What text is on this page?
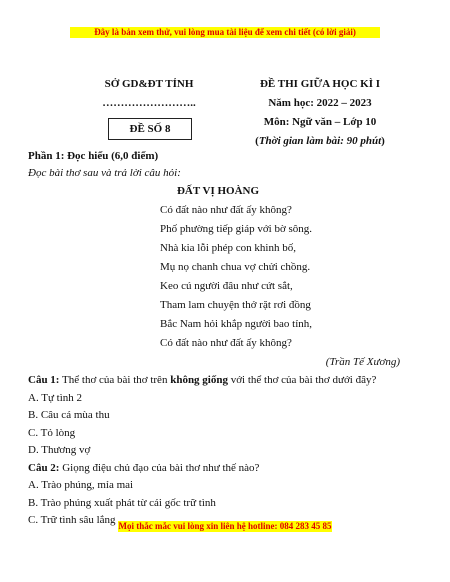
Đây là bản xem thử, vui lòng mua tài liệu để xem chi tiết (có lời giải)
SỞ GD&ĐT TỈNH
……………………..
ĐỀ SỐ 8
ĐỀ THI GIỮA HỌC KÌ I
Năm học: 2022 – 2023
Môn: Ngữ văn – Lớp 10
(Thời gian làm bài: 90 phút)
Phần 1: Đọc hiểu (6,0 điểm)
Đọc bài thơ sau và trả lời câu hỏi:
ĐẤT VỊ HOÀNG
Có đất nào như đất ấy không?
Phố phường tiếp giáp với bờ sông.
Nhà kia lỗi phép con khinh bố,
Mụ nọ chanh chua vợ chửi chồng.
Keo cú người đâu như cứt sắt,
Tham lam chuyện thở rặt rơi đồng
Bắc Nam hỏi khắp người bao tỉnh,
Có đất nào như đất ấy không?
(Trần Tế Xương)
Câu 1: Thể thơ của bài thơ trên không giống với thể thơ của bài thơ dưới đây?
A. Tự tình 2
B. Câu cá mùa thu
C. Tỏ lòng
D. Thương vợ
Câu 2: Giọng điệu chủ đạo của bài thơ như thế nào?
A. Trào phúng, mỉa mai
B. Trào phúng xuất phát từ cái gốc trữ tình
C. Trữ tình sâu lắng Mọi thắc mắc vui lòng xin liên hệ hotline: 084 283 45 85
